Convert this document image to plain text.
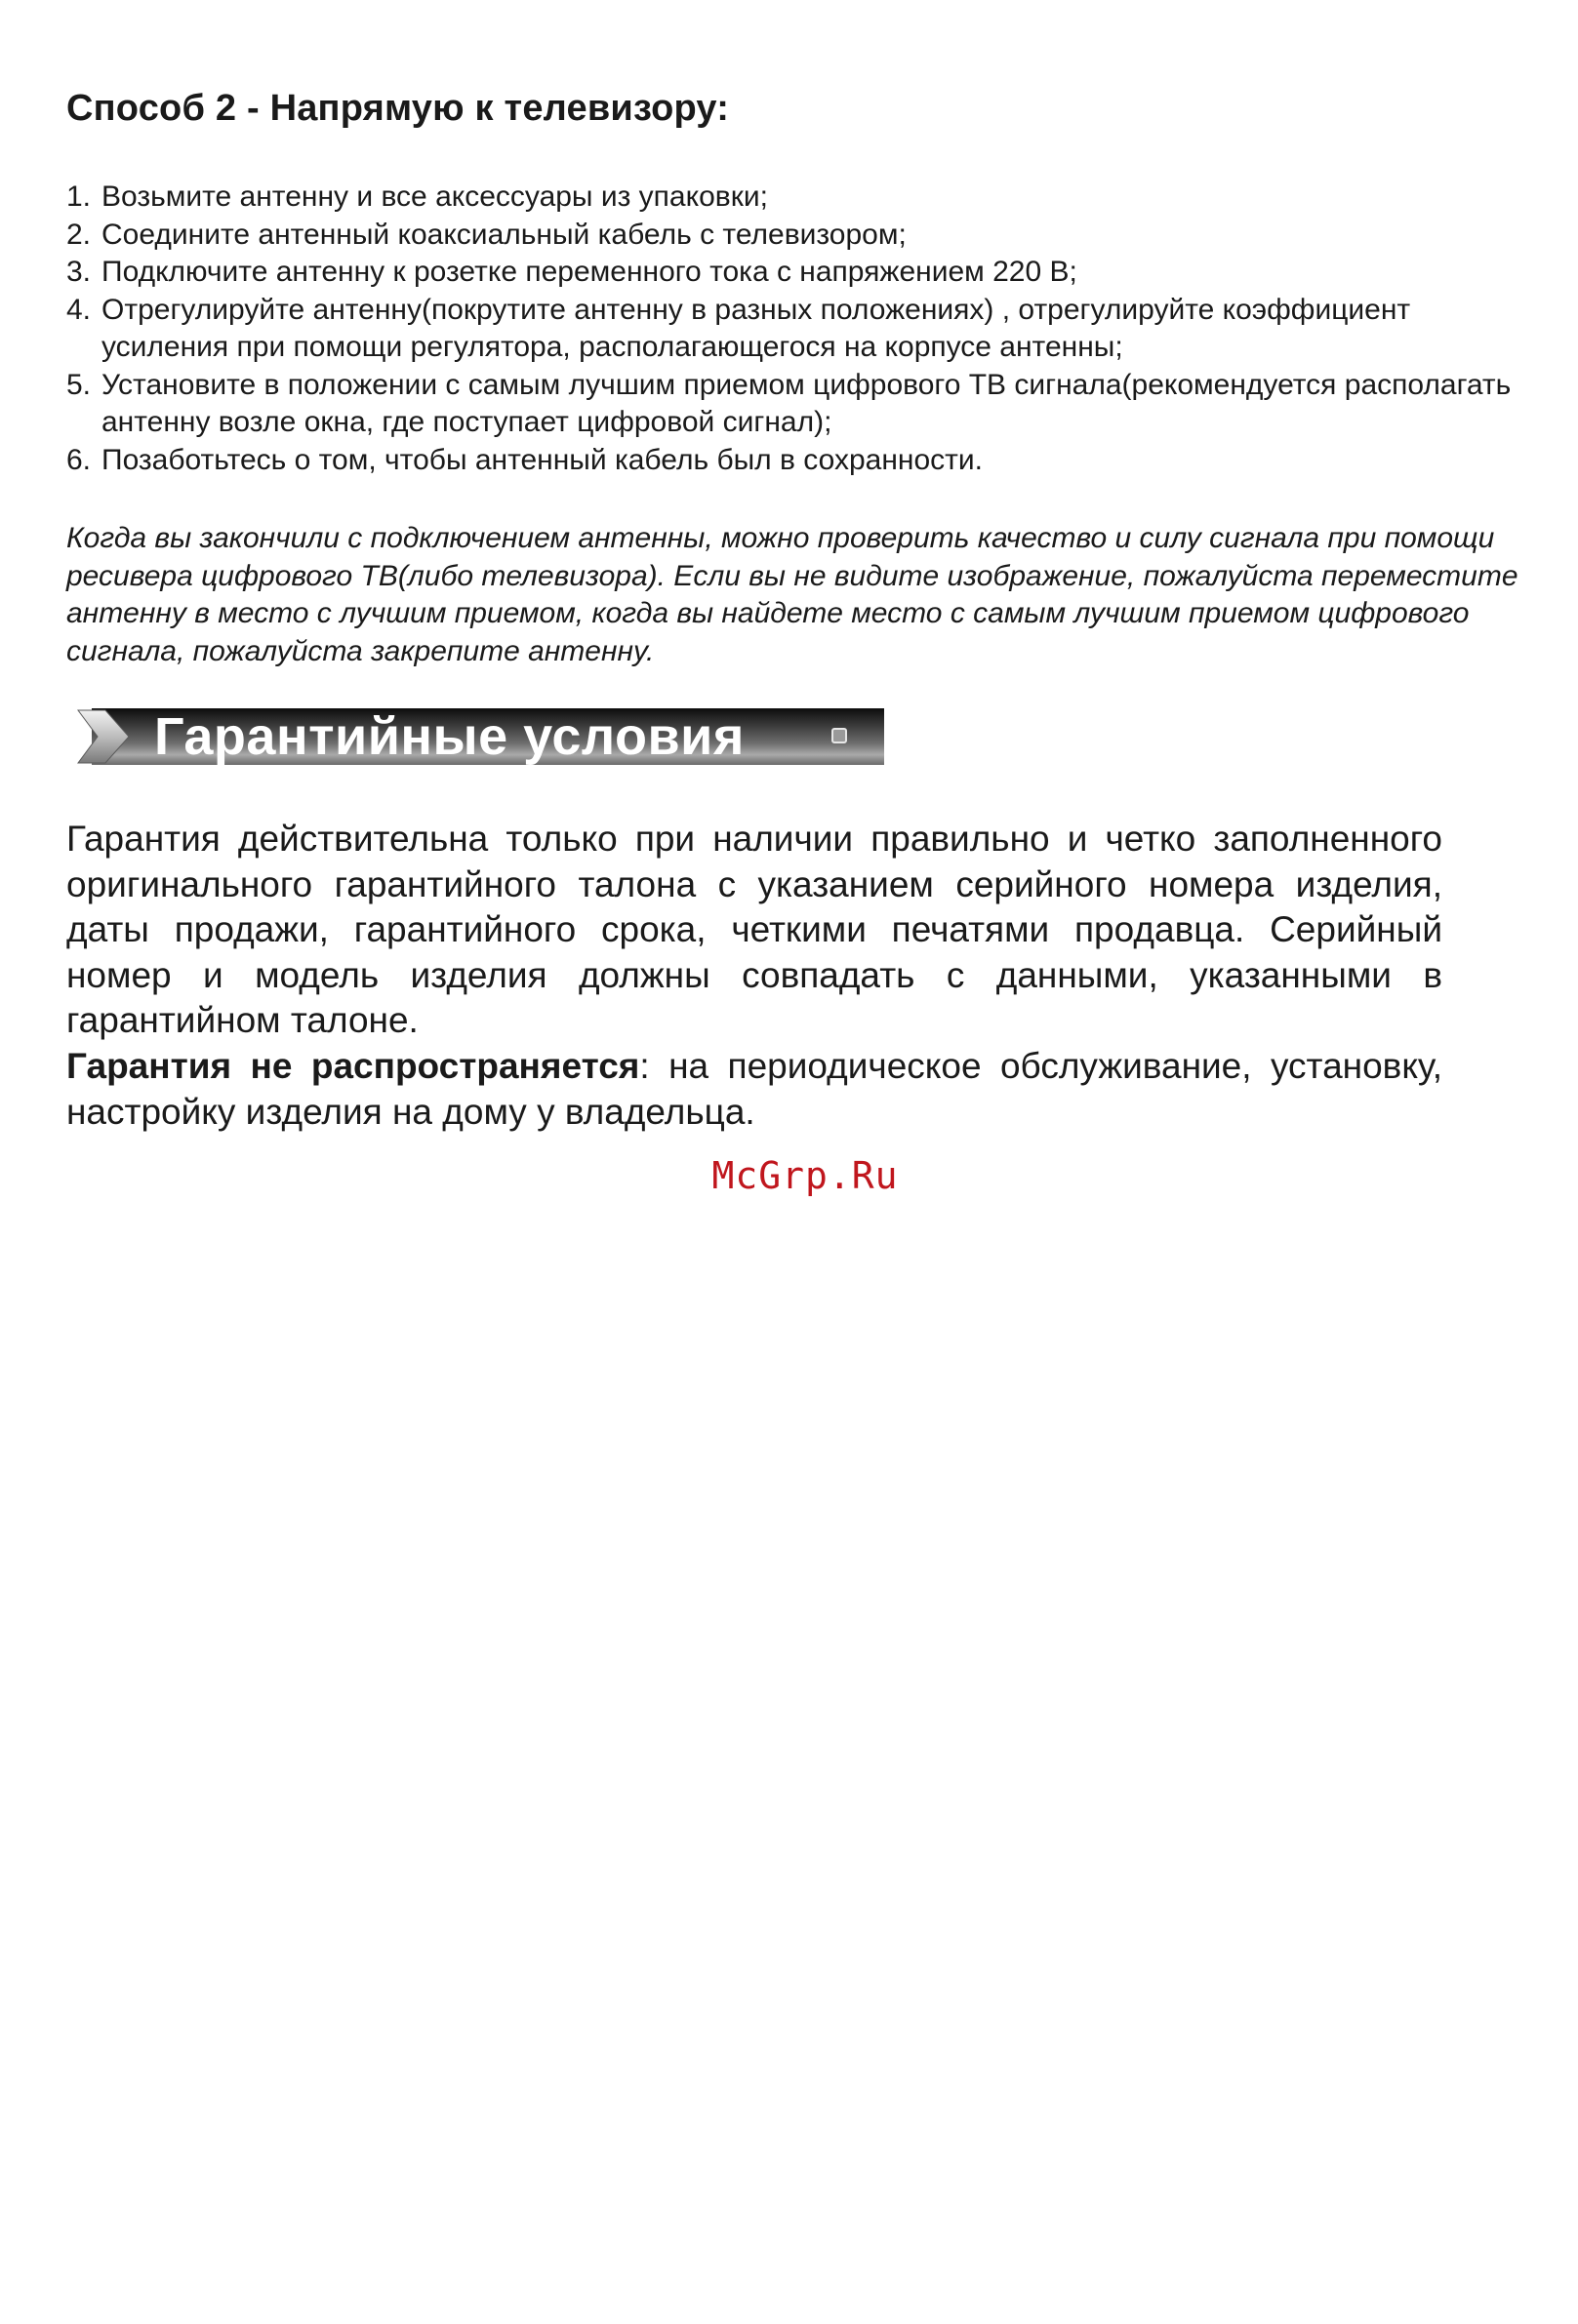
Способ 2 - Напрямую к телевизору:
1. Возьмите антенну и все аксессуары из упаковки;
2. Соедините антенный коаксиальный кабель с телевизором;
3. Подключите антенну к розетке переменного тока с напряжением 220 В;
4. Отрегулируйте антенну(покрутите антенну в разных положениях) , отрегулируйте коэффициент усиления при помощи регулятора, располагающегося на корпусе антенны;
5. Установите в положении с самым лучшим приемом цифрового ТВ сигнала(рекомендуется располагать антенну возле окна, где поступает цифровой сигнал);
6. Позаботьтесь о том, чтобы антенный кабель был в сохранности.

Когда вы закончили с подключением антенны, можно проверить качество и силу сигнала при помощи ресивера цифрового ТВ(либо телевизора). Если вы не видите изображение, пожалуйста переместите антенну в место с лучшим приемом, когда вы найдете место с самым лучшим приемом цифрового сигнала, пожалуйста закрепите антенну.

Гарантийные условия

Гарантия действительна только при наличии правильно и четко заполненного оригинального гарантийного талона с указанием серийного номера изделия, даты продажи, гарантийного срока, четкими печатями продавца. Серийный номер и модель изделия должны совпадать с данными, указанными в гарантийном талоне.

Гарантия не распространяется: на периодическое обслуживание, установку, настройку изделия на дому у владельца.

McGrp.Ru
